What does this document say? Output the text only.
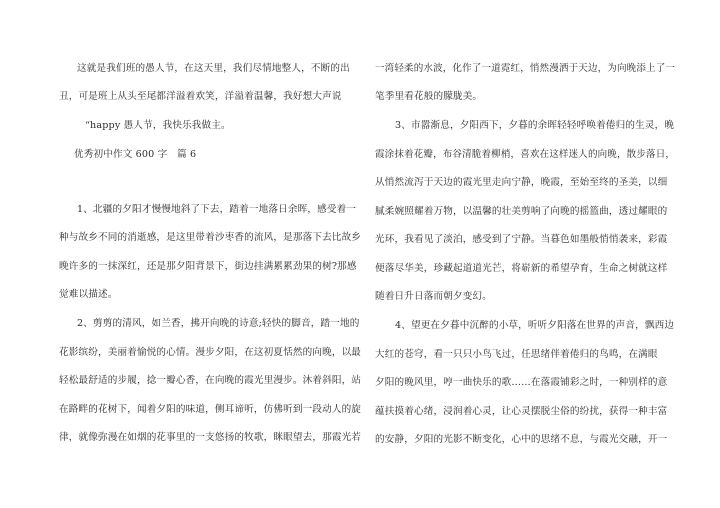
这就是我们班的愚人节，在这天里，我们尽情地整人，不断的出
丑，可是班上从头至尾都洋溢着欢笑，洋溢着温馨，我好想大声说
“happy 愚人节，我快乐我做主。
优秀初中作文 600 字　篇 6
1、北疆的夕阳才慢慢地斜了下去，踏着一地落日余晖，感受着一
种与故乡不同的消逝感，是这里带着沙枣香的流风，是那落下去比故乡
晚许多的一抹深红，还是那夕阳背景下，街边挂满累累劲果的树?那感
觉难以描述。
2、剪剪的清风，如兰香，拂开向晚的诗意;轻快的脚音，踏一地的
花影缤纷，美丽着愉悦的心情。漫步夕阳，在这初夏恬然的向晚，以最
轻松最舒适的步履，捻一瓣心香，在向晚的霞光里漫步。沐着斜阳，站
在路畔的花树下，闻着夕阳的味道，侧耳谛听，仿佛听到一段动人的旋
律，就像弥漫在如烟的花事里的一支悠扬的牧歌，眯眼望去，那霞光若
一湾轻柔的水波，化作了一道霓红，悄然漫洒于天边，为向晚添上了一
笔季里看花般的朦胧美。
3、市嚣渐息，夕阳西下，夕暮的余晖轻轻呼唤着倦归的生灵，晚
霞涂抹着花瓣，布谷清脆着柳梢，喜欢在这样迷人的向晚，散步落日，
从悄然流泻于天边的霞光里走向宁静，晚霞，至始至终的圣美，以细
腻柔婉照耀着万物，以温馨的壮美剪响了向晚的摇篮曲，透过耀眼的
光环，我看见了淡泊，感受到了宁静。当暮色如墨般悄悄袭来，彩霞
便落尽华美，珍藏起道道光芒，将崭新的希望孕育，生命之树就这样
随着日升日落而朝夕变幻。
4、望更在夕暮中沉醉的小草，听听夕阳落在世界的声音，飘西边
大红的苍穹，看一只只小鸟飞过，任思绪伴着倦归的鸟鸣，在满眼
夕阳的晚风里，哼一曲快乐的歌……在落霞铺彩之时，一种别样的意
蕴扶摸着心绪，浸润着心灵，让心灵摆脱尘俗的纷扰，获得一种丰富
的安静，夕阳的光影不断变化，心中的思绪不息，与霞光交融，开一
